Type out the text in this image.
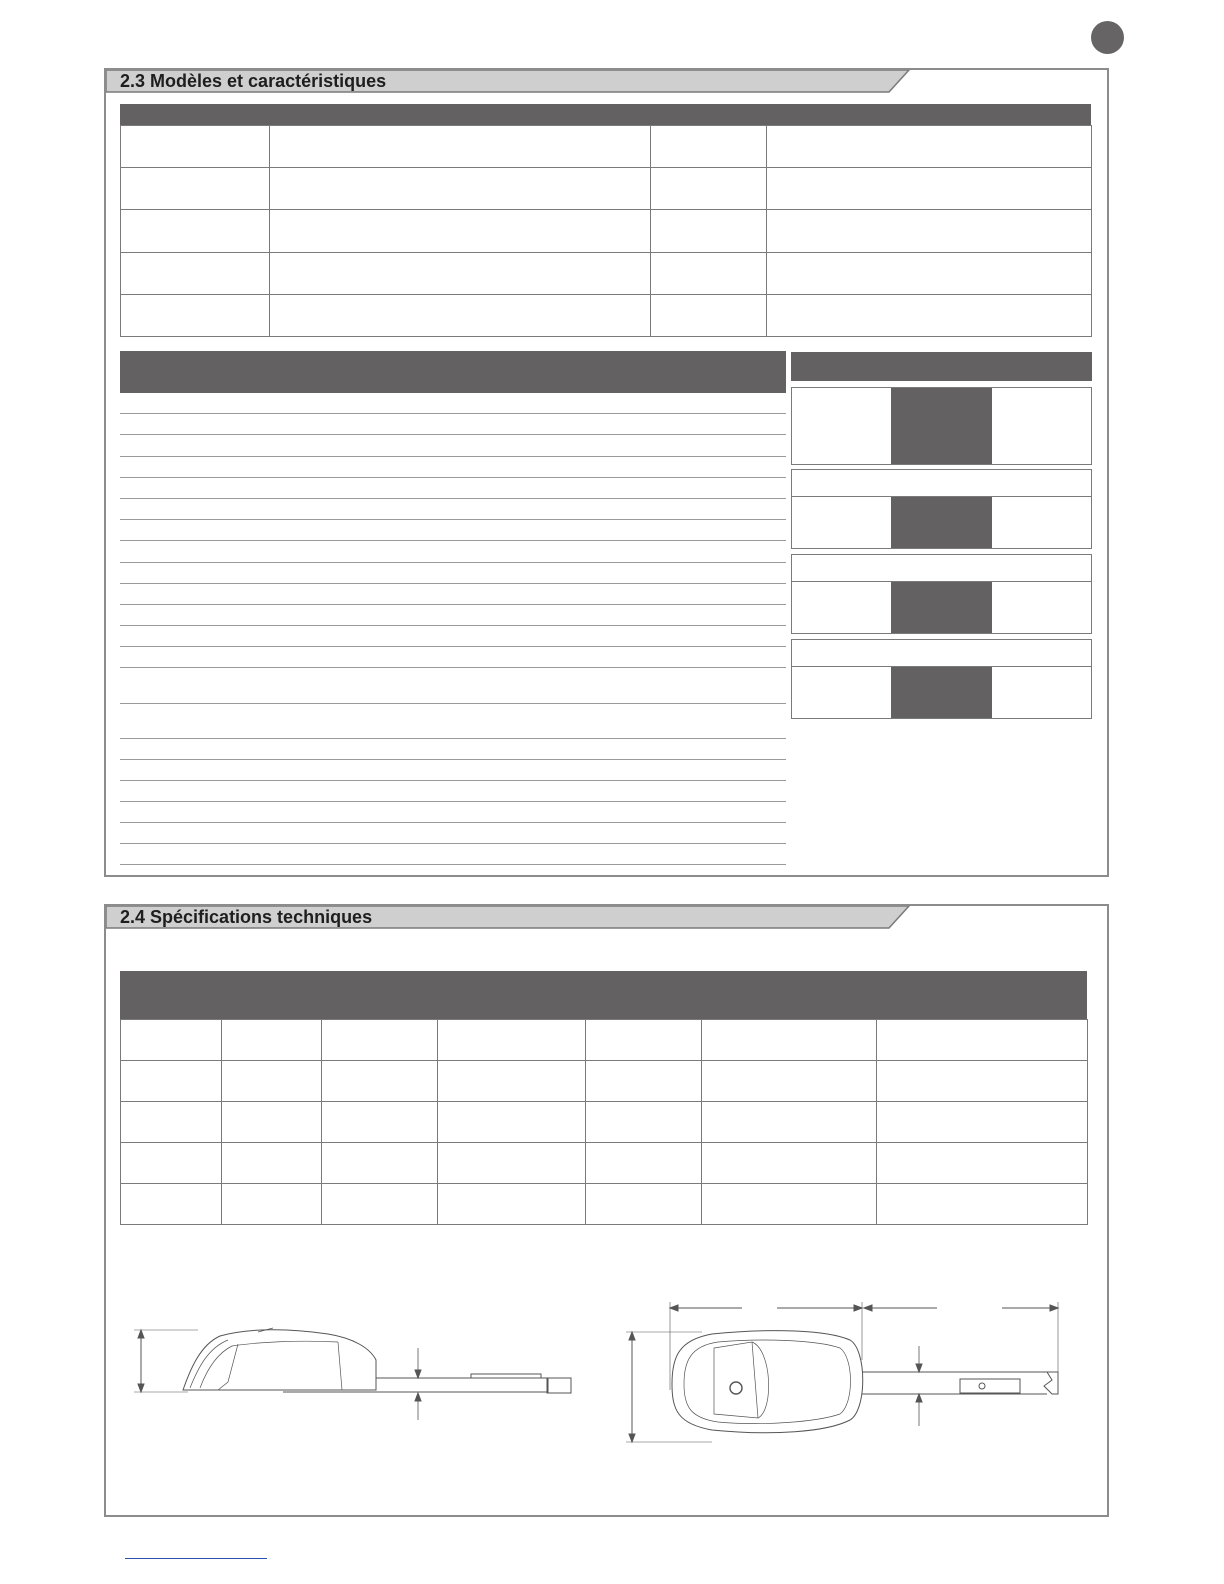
2.3 Modèles et caractéristiques

2.4 Spécifications techniques
